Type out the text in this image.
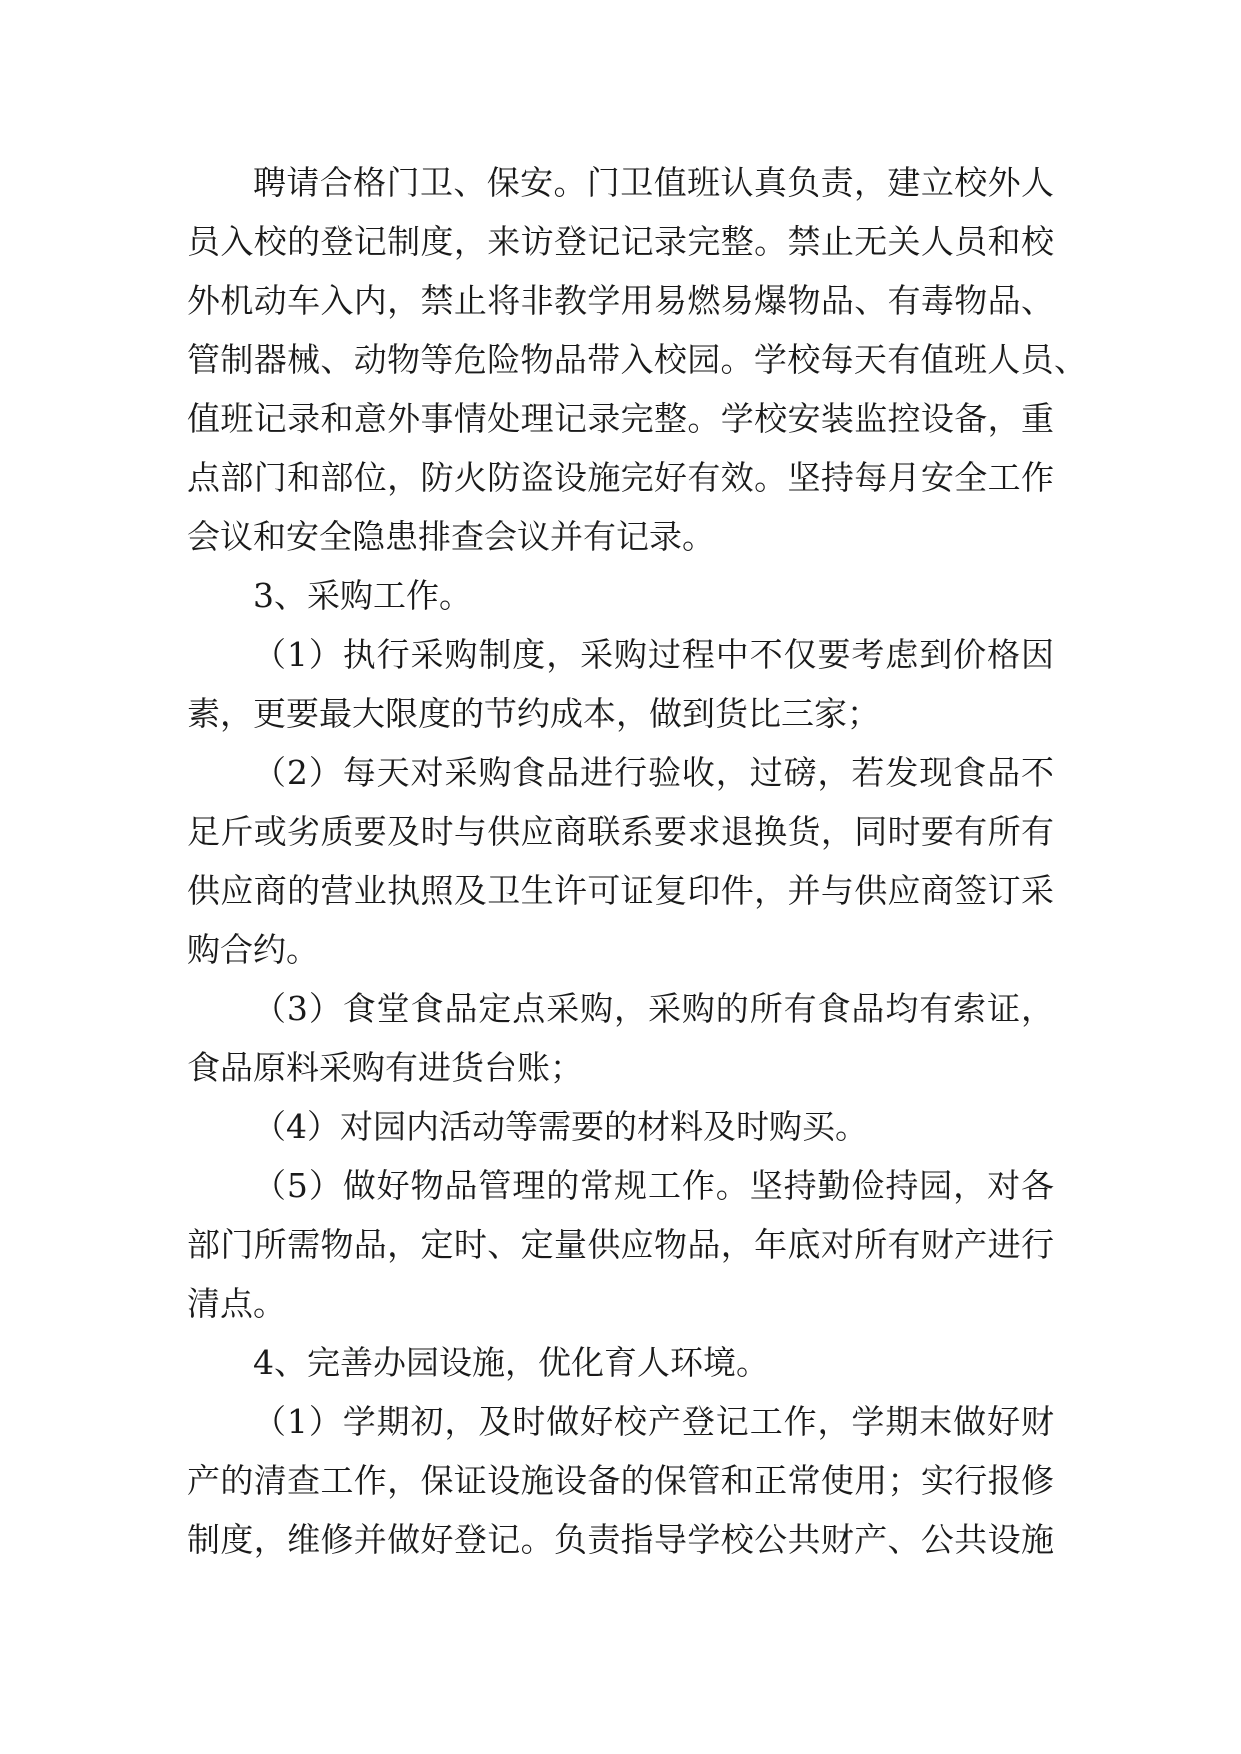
聘请合格门卫、保安。门卫值班认真负责，建立校外人
员入校的登记制度，来访登记记录完整。禁止无关人员和校
外机动车入内，禁止将非教学用易燃易爆物品、有毒物品、
管制器械、动物等危险物品带入校园。学校每天有值班人员、
值班记录和意外事情处理记录完整。学校安装监控设备，重
点部门和部位，防火防盗设施完好有效。坚持每月安全工作
会议和安全隐患排查会议并有记录。
3、采购工作。
（1）执行采购制度，采购过程中不仅要考虑到价格因
素，更要最大限度的节约成本，做到货比三家；
（2）每天对采购食品进行验收，过磅，若发现食品不
足斤或劣质要及时与供应商联系要求退换货，同时要有所有
供应商的营业执照及卫生许可证复印件，并与供应商签订采
购合约。
（3）食堂食品定点采购，采购的所有食品均有索证，
食品原料采购有进货台账；
（4）对园内活动等需要的材料及时购买。
（5）做好物品管理的常规工作。坚持勤俭持园，对各
部门所需物品，定时、定量供应物品，年底对所有财产进行
清点。
4、完善办园设施，优化育人环境。
（1）学期初，及时做好校产登记工作，学期末做好财
产的清查工作，保证设施设备的保管和正常使用；实行报修
制度，维修并做好登记。负责指导学校公共财产、公共设施
